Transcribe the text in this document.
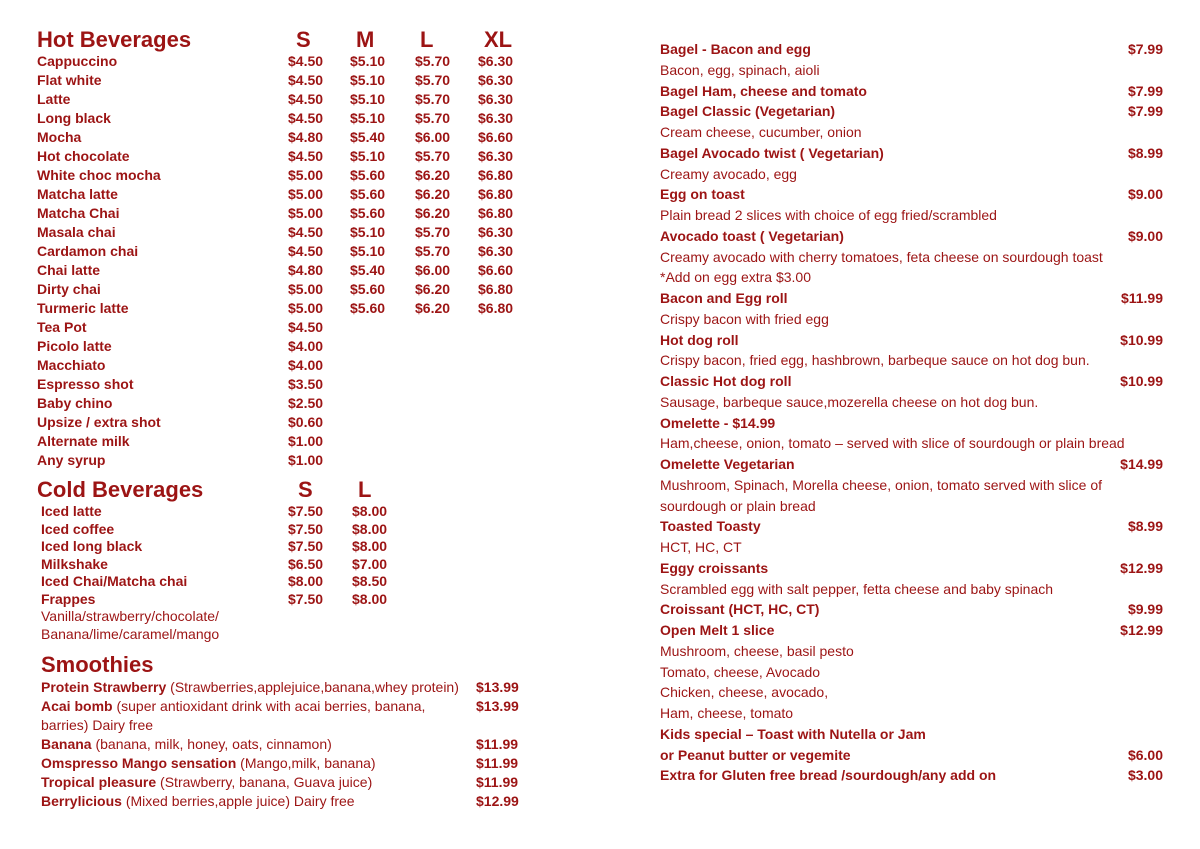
Hot Beverages	S M L XL
Cappuccino	$4.50 $5.10 $5.70 $6.30
Flat white	$4.50 $5.10 $5.70 $6.30
Latte	$4.50 $5.10 $5.70 $6.30
Long black	$4.50 $5.10 $5.70 $6.30
Mocha	$4.80 $5.40 $6.00 $6.60
Hot chocolate	$4.50 $5.10 $5.70 $6.30
White choc mocha	$5.00 $5.60 $6.20 $6.80
Matcha latte	$5.00 $5.60 $6.20 $6.80
Matcha Chai	$5.00 $5.60 $6.20 $6.80
Masala chai	$4.50 $5.10 $5.70 $6.30
Cardamon chai	$4.50 $5.10 $5.70 $6.30
Chai latte	$4.80 $5.40 $6.00 $6.60
Dirty chai	$5.00 $5.60 $6.20 $6.80
Turmeric latte	$5.00 $5.60 $6.20 $6.80
Tea Pot	$4.50
Picolo latte	$4.00
Macchiato	$4.00
Espresso shot	$3.50
Baby chino	$2.50
Upsize / extra shot	$0.60
Alternate milk	$1.00
Any syrup	$1.00
Cold Beverages	S L
Iced latte	$7.50 $8.00
Iced coffee	$7.50 $8.00
Iced long black	$7.50 $8.00
Milkshake	$6.50 $7.00
Iced Chai/Matcha chai	$8.00 $8.50
Frappes	$7.50 $8.00
Vanilla/strawberry/chocolate/
Banana/lime/caramel/mango
Smoothies
Protein Strawberry (Strawberries,applejuice,banana,whey protein) $13.99
Acai bomb (super antioxidant drink with acai berries, banana,	$13.99
barries) Dairy free
Banana (banana, milk, honey, oats, cinnamon)	$11.99
Omspresso Mango sensation (Mango,milk, banana)	$11.99
Tropical pleasure (Strawberry, banana, Guava juice)	$11.99
Berrylicious (Mixed berries,apple juice) Dairy free	$12.99
Bagel - Bacon and egg	$7.99
Bacon, egg, spinach, aioli
Bagel Ham, cheese and tomato	$7.99
Bagel Classic (Vegetarian)	$7.99
Cream cheese, cucumber, onion
Bagel Avocado twist ( Vegetarian)	$8.99
Creamy avocado, egg
Egg on toast	$9.00
Plain bread 2 slices with choice of egg fried/scrambled
Avocado toast ( Vegetarian)	$9.00
Creamy avocado with cherry tomatoes, feta cheese on sourdough toast
*Add on egg extra $3.00
Bacon and Egg roll	$11.99
Crispy bacon with fried egg
Hot dog roll	$10.99
Crispy bacon, fried egg, hashbrown, barbeque sauce on hot dog bun.
Classic Hot dog roll	$10.99
Sausage, barbeque sauce,mozerella cheese on hot dog bun.
Omelette - $14.99
Ham,cheese, onion, tomato – served with slice of sourdough or plain bread
Omelette Vegetarian	$14.99
Mushroom, Spinach, Morella cheese, onion, tomato served with slice of
sourdough or plain bread
Toasted Toasty	$8.99
HCT, HC, CT
Eggy croissants	$12.99
Scrambled egg with salt pepper, fetta cheese and baby spinach
Croissant (HCT, HC, CT)	$9.99
Open Melt 1 slice	$12.99
Mushroom, cheese, basil pesto
Tomato, cheese, Avocado
Chicken, cheese, avocado,
Ham, cheese, tomato
Kids special – Toast with Nutella or Jam
or Peanut butter or vegemite	$6.00
Extra for Gluten free bread /sourdough/any add on	$3.00
